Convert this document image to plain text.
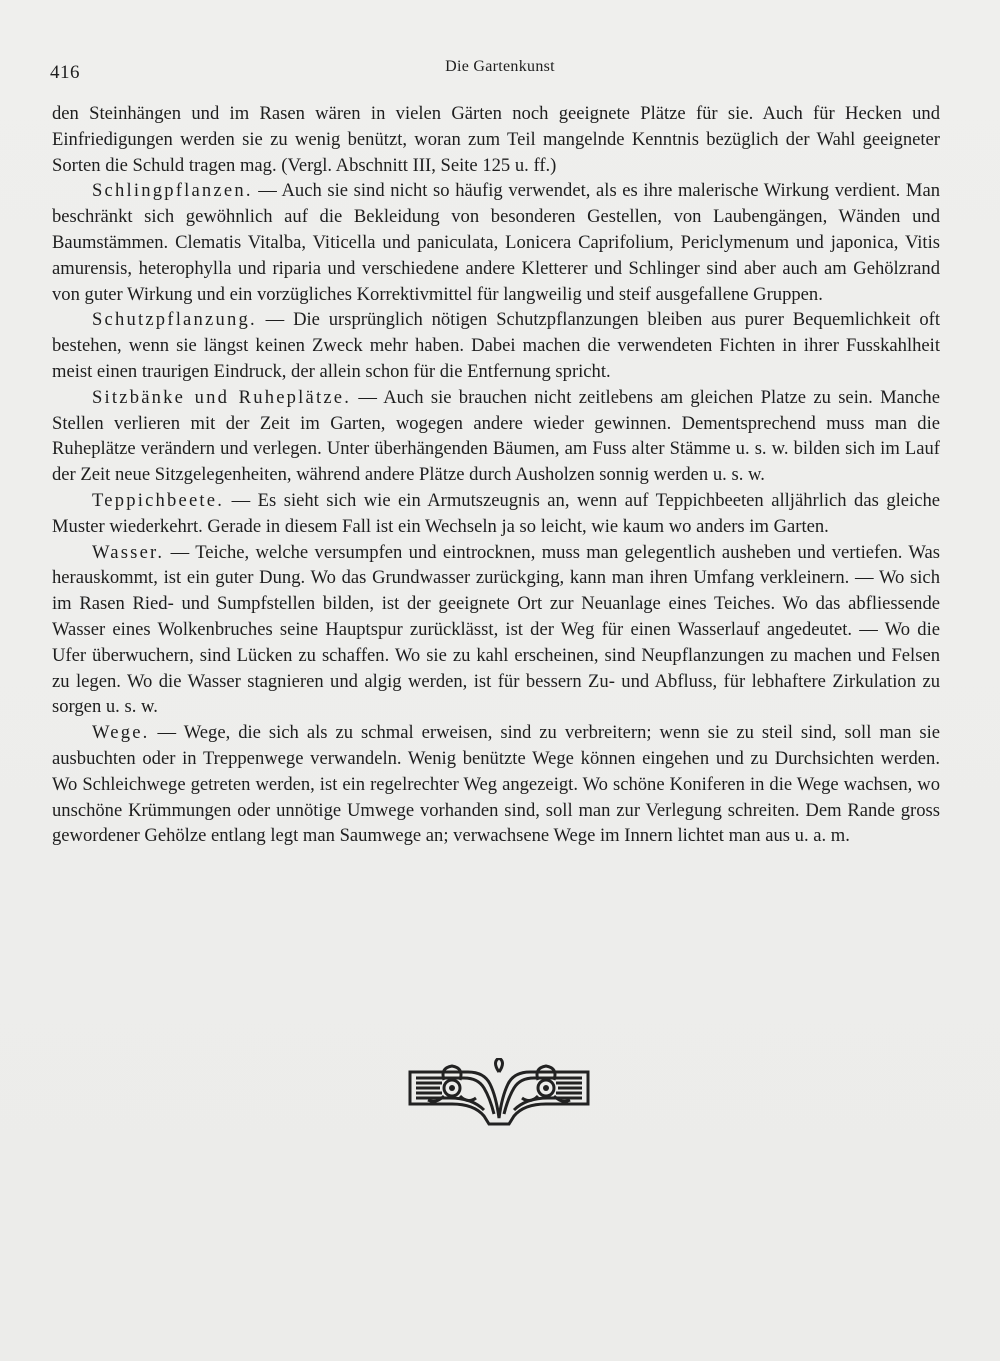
416	Die Gartenkunst

den Steinhängen und im Rasen wären in vielen Gärten noch geeignete Plätze für sie. Auch für Hecken und Einfriedigungen werden sie zu wenig benützt, woran zum Teil mangelnde Kenntnis bezüglich der Wahl geeigneter Sorten die Schuld tragen mag. (Vergl. Abschnitt III, Seite 125 u. ff.)

Schlingpflanzen. — Auch sie sind nicht so häufig verwendet, als es ihre malerische Wirkung verdient. Man beschränkt sich gewöhnlich auf die Bekleidung von besonderen Gestellen, von Laubengängen, Wänden und Baumstämmen. Clematis Vitalba, Viticella und paniculata, Lonicera Caprifolium, Periclymenum und japonica, Vitis amurensis, heterophylla und riparia und verschiedene andere Kletterer und Schlinger sind aber auch am Gehölzrand von guter Wirkung und ein vorzügliches Korrektivmittel für langweilig und steif ausgefallene Gruppen.

Schutzpflanzung. — Die ursprünglich nötigen Schutzpflanzungen bleiben aus purer Bequemlichkeit oft bestehen, wenn sie längst keinen Zweck mehr haben. Dabei machen die verwendeten Fichten in ihrer Fusskahlheit meist einen traurigen Eindruck, der allein schon für die Entfernung spricht.

Sitzbänke und Ruheplätze. — Auch sie brauchen nicht zeitlebens am gleichen Platze zu sein. Manche Stellen verlieren mit der Zeit im Garten, wogegen andere wieder gewinnen. Dementsprechend muss man die Ruheplätze verändern und verlegen. Unter überhängenden Bäumen, am Fuss alter Stämme u. s. w. bilden sich im Lauf der Zeit neue Sitzgelegenheiten, während andere Plätze durch Ausholzen sonnig werden u. s. w.

Teppichbeete. — Es sieht sich wie ein Armutszeugnis an, wenn auf Teppichbeeten alljährlich das gleiche Muster wiederkehrt. Gerade in diesem Fall ist ein Wechseln ja so leicht, wie kaum wo anders im Garten.

Wasser. — Teiche, welche versumpfen und eintrocknen, muss man gelegentlich ausheben und vertiefen. Was herauskommt, ist ein guter Dung. Wo das Grundwasser zurückging, kann man ihren Umfang verkleinern. — Wo sich im Rasen Ried- und Sumpfstellen bilden, ist der geeignete Ort zur Neuanlage eines Teiches. Wo das abfliessende Wasser eines Wolkenbruches seine Hauptspur zurücklässt, ist der Weg für einen Wasserlauf angedeutet. — Wo die Ufer überwuchern, sind Lücken zu schaffen. Wo sie zu kahl erscheinen, sind Neupflanzungen zu machen und Felsen zu legen. Wo die Wasser stagnieren und algig werden, ist für bessern Zu- und Abfluss, für lebhaftere Zirkulation zu sorgen u. s. w.

Wege. — Wege, die sich als zu schmal erweisen, sind zu verbreitern; wenn sie zu steil sind, soll man sie ausbuchten oder in Treppenwege verwandeln. Wenig benützte Wege können eingehen und zu Durchsichten werden. Wo Schleichwege getreten werden, ist ein regelrechter Weg angezeigt. Wo schöne Koniferen in die Wege wachsen, wo unschöne Krümmungen oder unnötige Umwege vorhanden sind, soll man zur Verlegung schreiten. Dem Rande gross gewordener Gehölze entlang legt man Saumwege an; verwachsene Wege im Innern lichtet man aus u. a. m.
